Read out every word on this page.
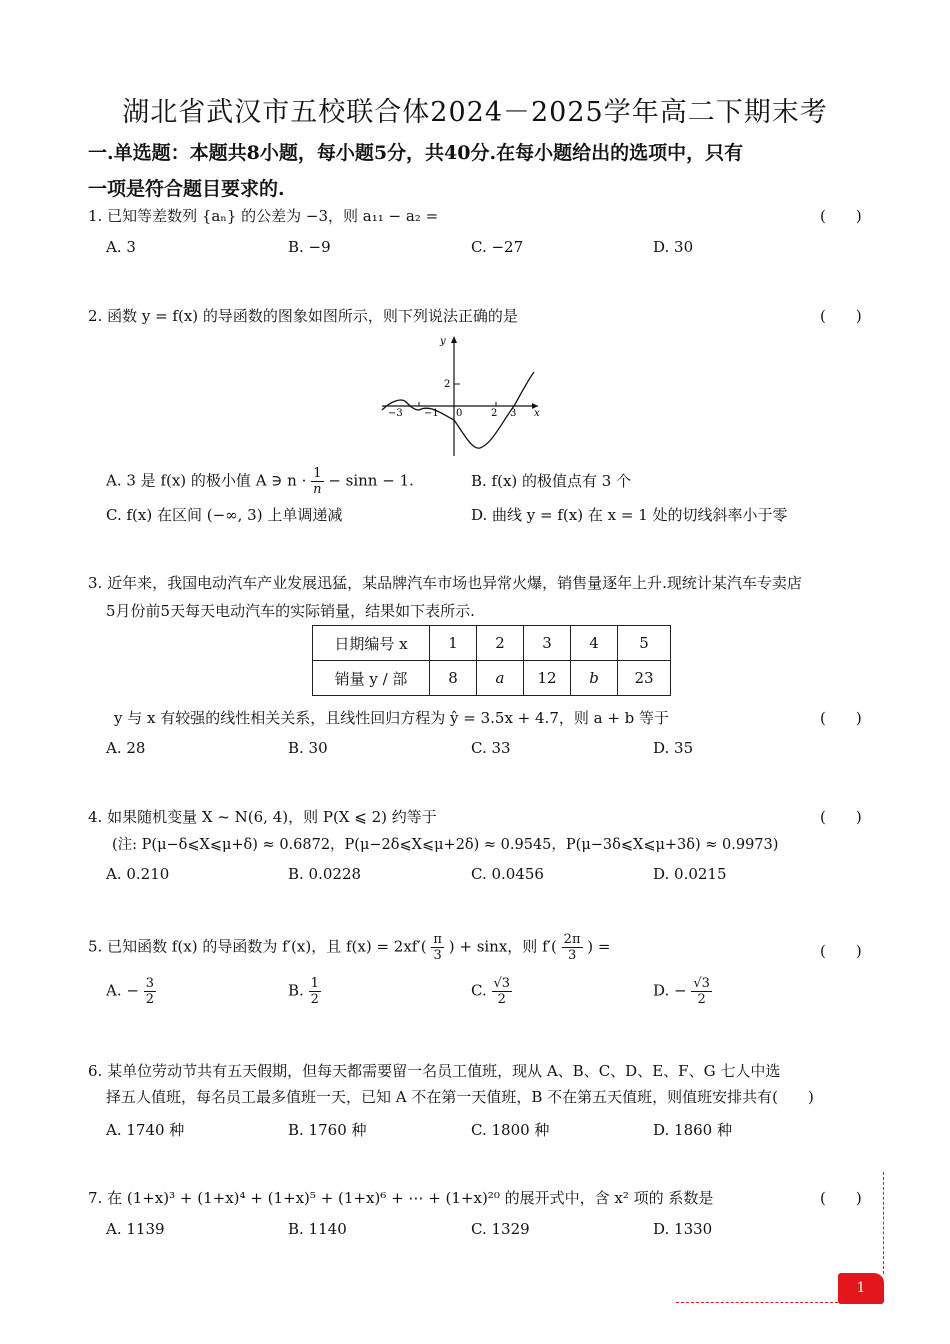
湖北省武汉市五校联合体2024－2025学年高二下期末考
一.单选题：本题共8小题，每小题5分，共40分.在每小题给出的选项中，只有
一项是符合题目要求的.
1. 已知等差数列 {aₙ} 的公差为 −3，则 a₁₁ − a₂ =	(　　)
A. 3	B. −9	C. −27	D. 30
2. 函数 y = f(x) 的导函数的图象如图所示，则下列说法正确的是	(　　)
y
x
2
−3 −1 0	2 3
A. 3 是 f(x) 的极小值 A ∋ $n \cdot \frac{1}{n} - \sin n - 1$.	B. f(x) 的极值点有 3 个
C. f(x) 在区间 (−∞, 3) 上单调递减	D. 曲线 y = f(x) 在 x = 1 处的切线斜率小于零
3. 近年来，我国电动汽车产业发展迅猛，某品牌汽车市场也异常火爆，销售量逐年上升.现统计某汽车专卖店
5月份前5天每天电动汽车的实际销量，结果如下表所示.
日期编号 x	1	2	3	4	5
销量 y / 部	8	a	12	b	23
y 与 x 有较强的线性相关关系，且线性回归方程为 ŷ = 3.5x + 4.7，则 a + b 等于	(　　)
A. 28	B. 30	C. 33	D. 35
4. 如果随机变量 X ~ N(6, 4)，则 P(X ⩽ 2) 约等于	(　　)
(注: P(μ−δ⩽X⩽μ+δ) ≈ 0.6872，P(μ−2δ⩽X⩽μ+2δ) ≈ 0.9545，P(μ−3δ⩽X⩽μ+3δ) ≈ 0.9973)
A. 0.210	B. 0.0228	C. 0.0456	D. 0.0215
5. 已知函数 f(x) 的导函数为 f′(x)，且 $f(x) = 2xf'( \frac{\pi}{3}$ ) + sinx，则 $f'( \frac{2\pi}{3}$ ) =	(　　)
A. − $\frac{3}{2}$	B. $\frac{1}{2}$	C. $\frac{√3}{2}$	D. − $\frac{√3}{2}$
6. 某单位劳动节共有五天假期，但每天都需要留一名员工值班，现从 A、B、C、D、E、F、G 七人中选
择五人值班，每名员工最多值班一天，已知 A 不在第一天值班，B 不在第五天值班，则值班安排共有(　　)
A. 1740 种	B. 1760 种	C. 1800 种	D. 1860 种
7. 在 (1+x)³ + (1+x)⁴ + (1+x)⁵ + (1+x)⁶ + ⋯ + (1+x)²⁰ 的展开式中，含 x² 项的 系数是	(　　)
A. 1139	B. 1140	C. 1329	D. 1330
1
